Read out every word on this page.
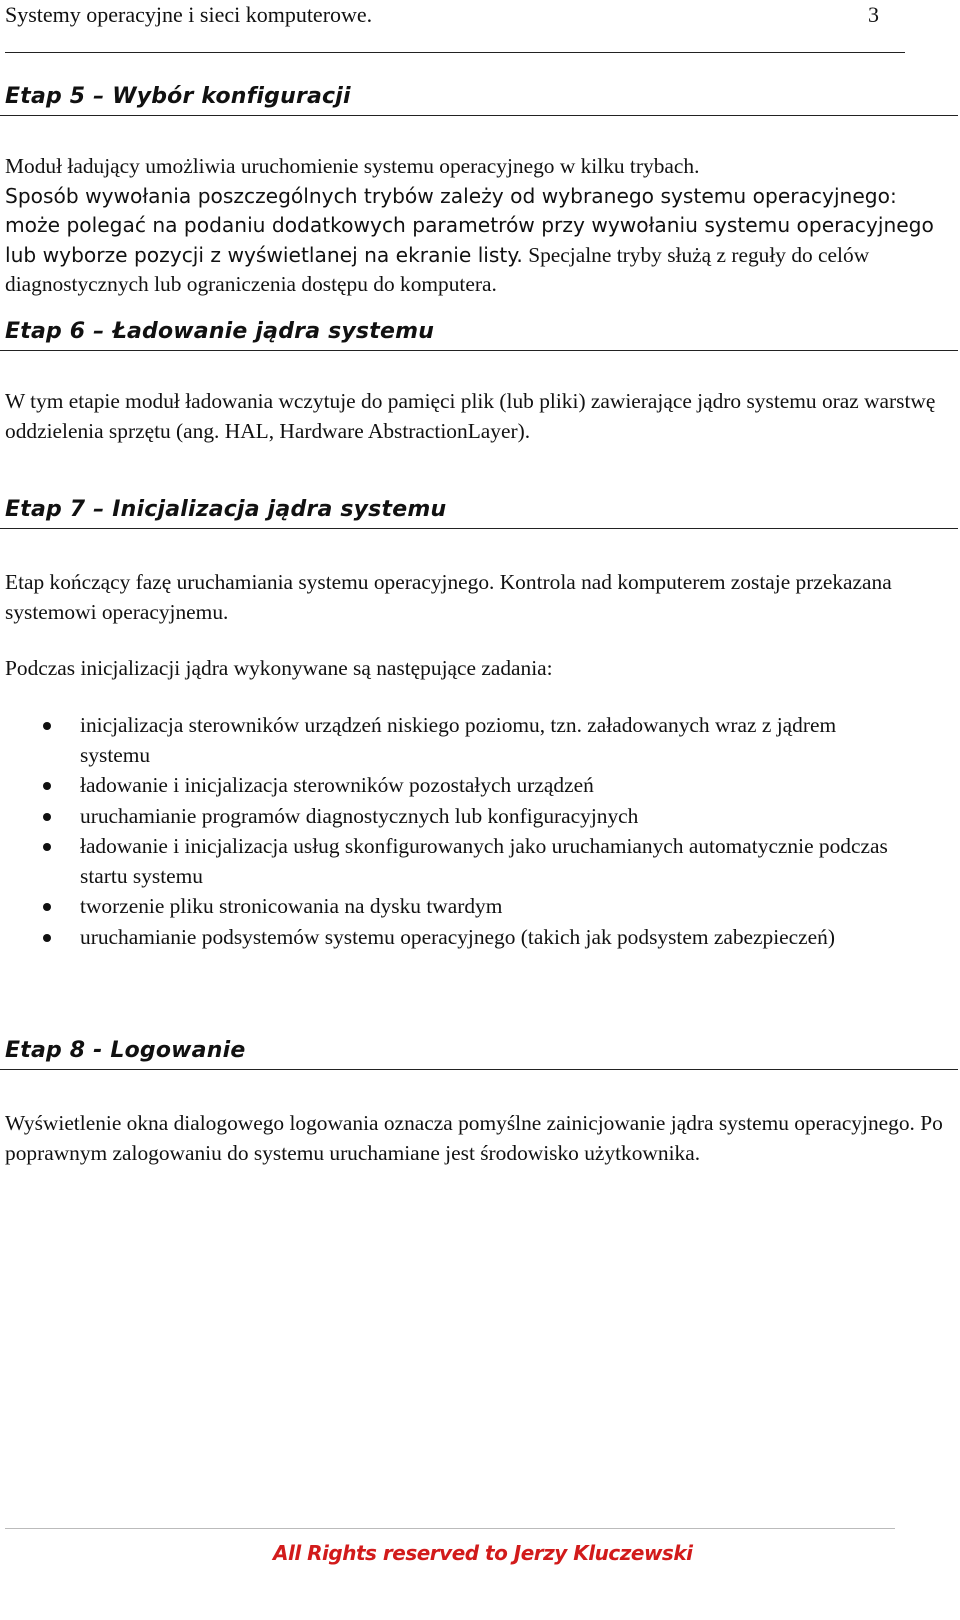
Systemy operacyjne i sieci komputerowe.	3
Etap 5 – Wybór konfiguracji
Moduł ładujący umożliwia uruchomienie systemu operacyjnego w kilku trybach.
Sposób wywołania poszczególnych trybów zależy od wybranego systemu operacyjnego: może polegać na podaniu dodatkowych parametrów przy wywołaniu systemu operacyjnego lub wyborze pozycji z wyświetlanej na ekranie listy. Specjalne tryby służą z reguły do celów diagnostycznych lub ograniczenia dostępu do komputera.
Etap 6 – Ładowanie jądra systemu
W tym etapie moduł ładowania wczytuje do pamięci plik (lub pliki) zawierające jądro systemu oraz warstwę oddzielenia sprzętu (ang. HAL, Hardware AbstractionLayer).
Etap 7 – Inicjalizacja jądra systemu
Etap kończący fazę uruchamiania systemu operacyjnego. Kontrola nad komputerem zostaje przekazana systemowi operacyjnemu.
Podczas inicjalizacji jądra wykonywane są następujące zadania:
inicjalizacja sterowników urządzeń niskiego poziomu, tzn. załadowanych wraz z jądrem systemu
ładowanie i inicjalizacja sterowników pozostałych urządzeń
uruchamianie programów diagnostycznych lub konfiguracyjnych
ładowanie i inicjalizacja usług skonfigurowanych jako uruchamianych automatycznie podczas startu systemu
tworzenie pliku stronicowania na dysku twardym
uruchamianie podsystemów systemu operacyjnego (takich jak podsystem zabezpieczeń)
Etap 8 - Logowanie
Wyświetlenie okna dialogowego logowania oznacza pomyślne zainicjowanie jądra systemu operacyjnego. Po poprawnym zalogowaniu do systemu uruchamiane jest środowisko użytkownika.
All Rights reserved to Jerzy Kluczewski
